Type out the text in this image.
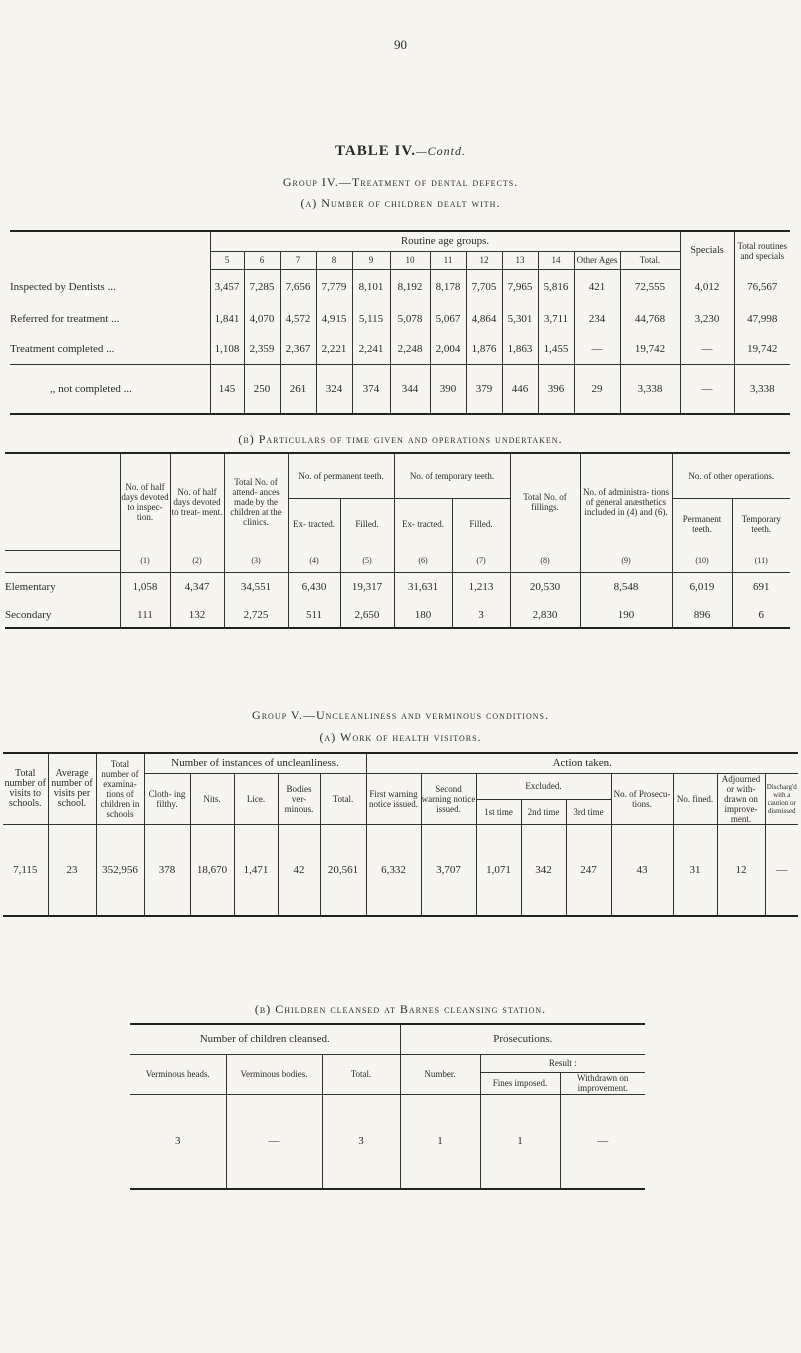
90
TABLE IV.—Contd.
Group IV.—Treatment of dental defects.
(a) Number of children dealt with.
	Routine age groups.												Specials	Total routines and specials
	5	6	7	8	9	10	11	12	13	14	Other Ages	Total.		
Inspected by Dentists ...	3,457	7,285	7,656	7,779	8,101	8,192	8,178	7,705	7,965	5,816	421	72,555	4,012	76,567
Referred for treatment ...	1,841	4,070	4,572	4,915	5,115	5,078	5,067	4,864	5,301	3,711	234	44,768	3,230	47,998
Treatment completed ...	1,108	2,359	2,367	2,221	2,241	2,248	2,004	1,876	1,863	1,455	—	19,742	—	19,742
,, not completed ...	145	250	261	324	374	344	390	379	446	396	29	3,338	—	3,338
(b) Particulars of time given and operations undertaken.
	No. of half days devoted to inspec- tion.	No. of half days devoted to treat- ment.	Total No. of attend- ances made by the children at the clinics.	No. of permanent teeth.		No. of temporary teeth.		Total No. of fillings.	No. of administra- tions of general anæsthetics included in (4) and (6).	No. of other operations.	
				Ex- tracted.	Filled.	Ex- tracted.	Filled.			Permanent teeth.	Temporary teeth.
	(1)	(2)	(3)	(4)	(5)	(6)	(7)	(8)	(9)	(10)	(11)
Elementary	1,058	4,347	34,551	6,430	19,317	31,631	1,213	20,530	8,548	6,019	691
Secondary	111	132	2,725	511	2,650	180	3	2,830	190	896	6
Group V.—Uncleanliness and verminous conditions.
(a) Work of health visitors.
Total number of visits to schools.	Average number of visits per school.	Total number of examina- tions of children in schools	Number of instances of uncleanliness.					Action taken.								
			Cloth- ing filthy.	Nits.	Lice.	Bodies ver- minous.	Total.	First warning notice issued.	Second warning notice issued.	Excluded.			No. of Prosecu- tions.	No. fined.	Adjourned or with- drawn on improve- ment.	Discharg'd with a caution or dismissed
										1st time	2nd time	3rd time				
7,115	23	352,956	378	18,670	1,471	42	20,561	6,332	3,707	1,071	342	247	43	31	12	—
(b) Children cleansed at Barnes cleansing station.
Number of children cleansed.			Prosecutions.		
Verminous heads.	Verminous bodies.	Total.	Number.	Result :	
				Fines imposed.	Withdrawn on improvement.
3	—	3	1	1	—
